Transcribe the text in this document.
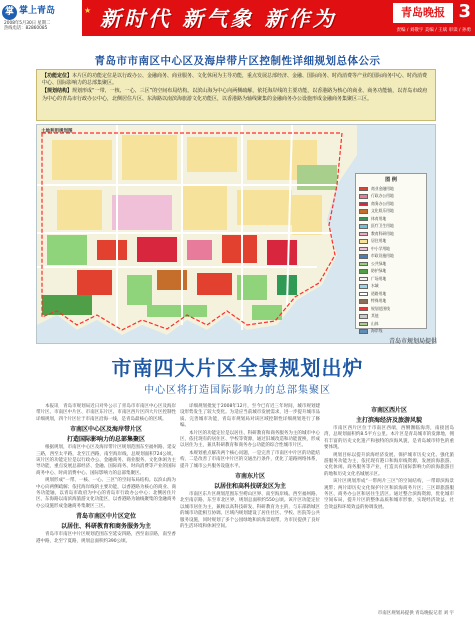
掌 掌上青岛
2008年5月30日 星期二
热线电话：82860085
★ 新时代 新气象 新作为	青岛晚报 3
责编 / 刘敬宇 美编 / 王斌 审读 / 孙勇
青岛市市南区中心区及海岸带片区控制性详细规划总体公示
【功能定位】本片区的功能定位是以行政办公、金融商务、商业服务、文化休闲为主导功能，重点发展总部经济、金融、国际商务、时尚消费等产业的国际商务中心、时尚消费中心、国际影响力的总部集聚区。
【规划结构】规划形成“一带、一核、一心、三区”的空间布局结构。以滨山海为中心向两侧疏解，依托海岸线的主要功能，以香港路为核心的商业、商务功能轴，以青岛市政府为中心的青岛市行政办公中心，北侧居住片区、东海路以南滨海旅游文化功能区，以香港路为轴线聚集的金融商务办公设施形成金融商务集聚区三区。
土地利用规划图
图 例
商业金融用地
行政办公用地
商务办公用地
文化娱乐用地
体育用地
医疗卫生用地
教育科研用地
居住用地
中小学用地
市政设施用地
公共绿地
防护绿地
广场用地
水域
道路用地
特殊用地
规划范围线
其他
山体
海岸线
青岛市规划局提供
市南四大片区全景规划出炉
中心区将打造国际影响力的总部集聚区

本报讯　青岛市规划局近日对外公示了青岛市市南区中心区及海岸带片区、市南区中片区、市南区东片区、市南区西片区四大片区控制性详细规划，四个片区位于市南区沿海一线，是青岛最核心的区域。

市南区中心区及海岸带片区
打造国际影响力的总部集聚区

根据规划，市南区中心区及海岸带片区规划范围东至福州路、延安三路，西至太平路，北至江西路，南至海岸线，总规划面积724公顷。该片区的功能定位是以行政办公、金融商务、商业服务、文化休闲为主导功能，重点发展总部经济、金融、国际商务、时尚消费等产业的国际商务中心、时尚消费中心、国际影响力的总部集聚区。

规划形成“一带、一核、一心、三区”的空间布局结构。以滨山海为中心向两侧疏解；依托海岸线的主要功能，以香港路为核心的商业、商务功能轴，以青岛市政府为中心的青岛市行政办公中心；北侧居住片区、东海路以南滨海旅游文化功能区，以香港路为轴线聚集的金融商务办公设施形成金融商务集聚区三区。

青岛市南区中片区定位
以居住、科研教育和商务服务为主

青岛市市南区中片区规划范围东至延安四路，西至南京路，南至香港中路，北至宁夏路，规划总面积约390公顷。

详细规划批复于2008年12月，至今已有近三年时间，城市规划建设形势发生了较大变化。为适应当前城市发展需求，进一步提升城市品质、完善城市功能，青岛市规划局对该区域控制性详细规划进行了修编。

本片区的功能定位是以居住、科研教育和商务服务为主的城市中心区，依托现有的居住区、学校等资源，通过旧城改造和功能置换，形成以居住为主，兼具科研教育和商务办公功能的综合性城市片区。

本规划重点解决两个核心问题，一是完善了市南区中片区的功能结构，二是改善了市南区中片区的交通出行条件，优化了道路网络体系，提升了城市公共服务设施水平。

市南东片区
以居住和高科技研发区为主

市南区东片区规划范围东至崂山区界、南至海岸线、西至福州路、北至南京路、东至市北区界，规划总面积约550公顷。该片区功能定位以城市居住为主，兼顾以高科技研发、科研教育为主的，与东部新城区的城市功能相互协调。区域内规划建设了居住社区、学校、医院等公共服务设施，同时规划了多个公园绿地和滨海景观带，为市民提供了良好的生活环境和休闲空间。

市南区西片区
主打滨海经济及旅游风貌

市南区西片区位于市南区西端，西侧濒临海湾，南接团岛湾，总规划面积约8.5平方公里。本片区是青岛城市的发源地，拥有丰富的历史文化遗产和独特的滨海风貌，是青岛城市特色的重要体现。

规划目标以提升滨海经济发展、保护城市历史文化、强化旅游服务功能为主，依托现有港口和海岸线资源，发展滨海旅游、文化休闲、商务服务等产业，打造具有国际影响力的滨海旅游目的地和历史文化名城展示区。

该片区规划形成“一带两片三区”的空间结构，一带即滨海景观带；两片即历史文化保护片区和滨海商务片区；三区即旅游服务区、商务办公区和居住生活区。通过整合滨海资源，优化城市空间布局，提升片区的整体品质和城市形象，实现经济效益、社会效益和环境效益的协调发展。

市南区规划局提供 青岛晚报记者 刘 宇
